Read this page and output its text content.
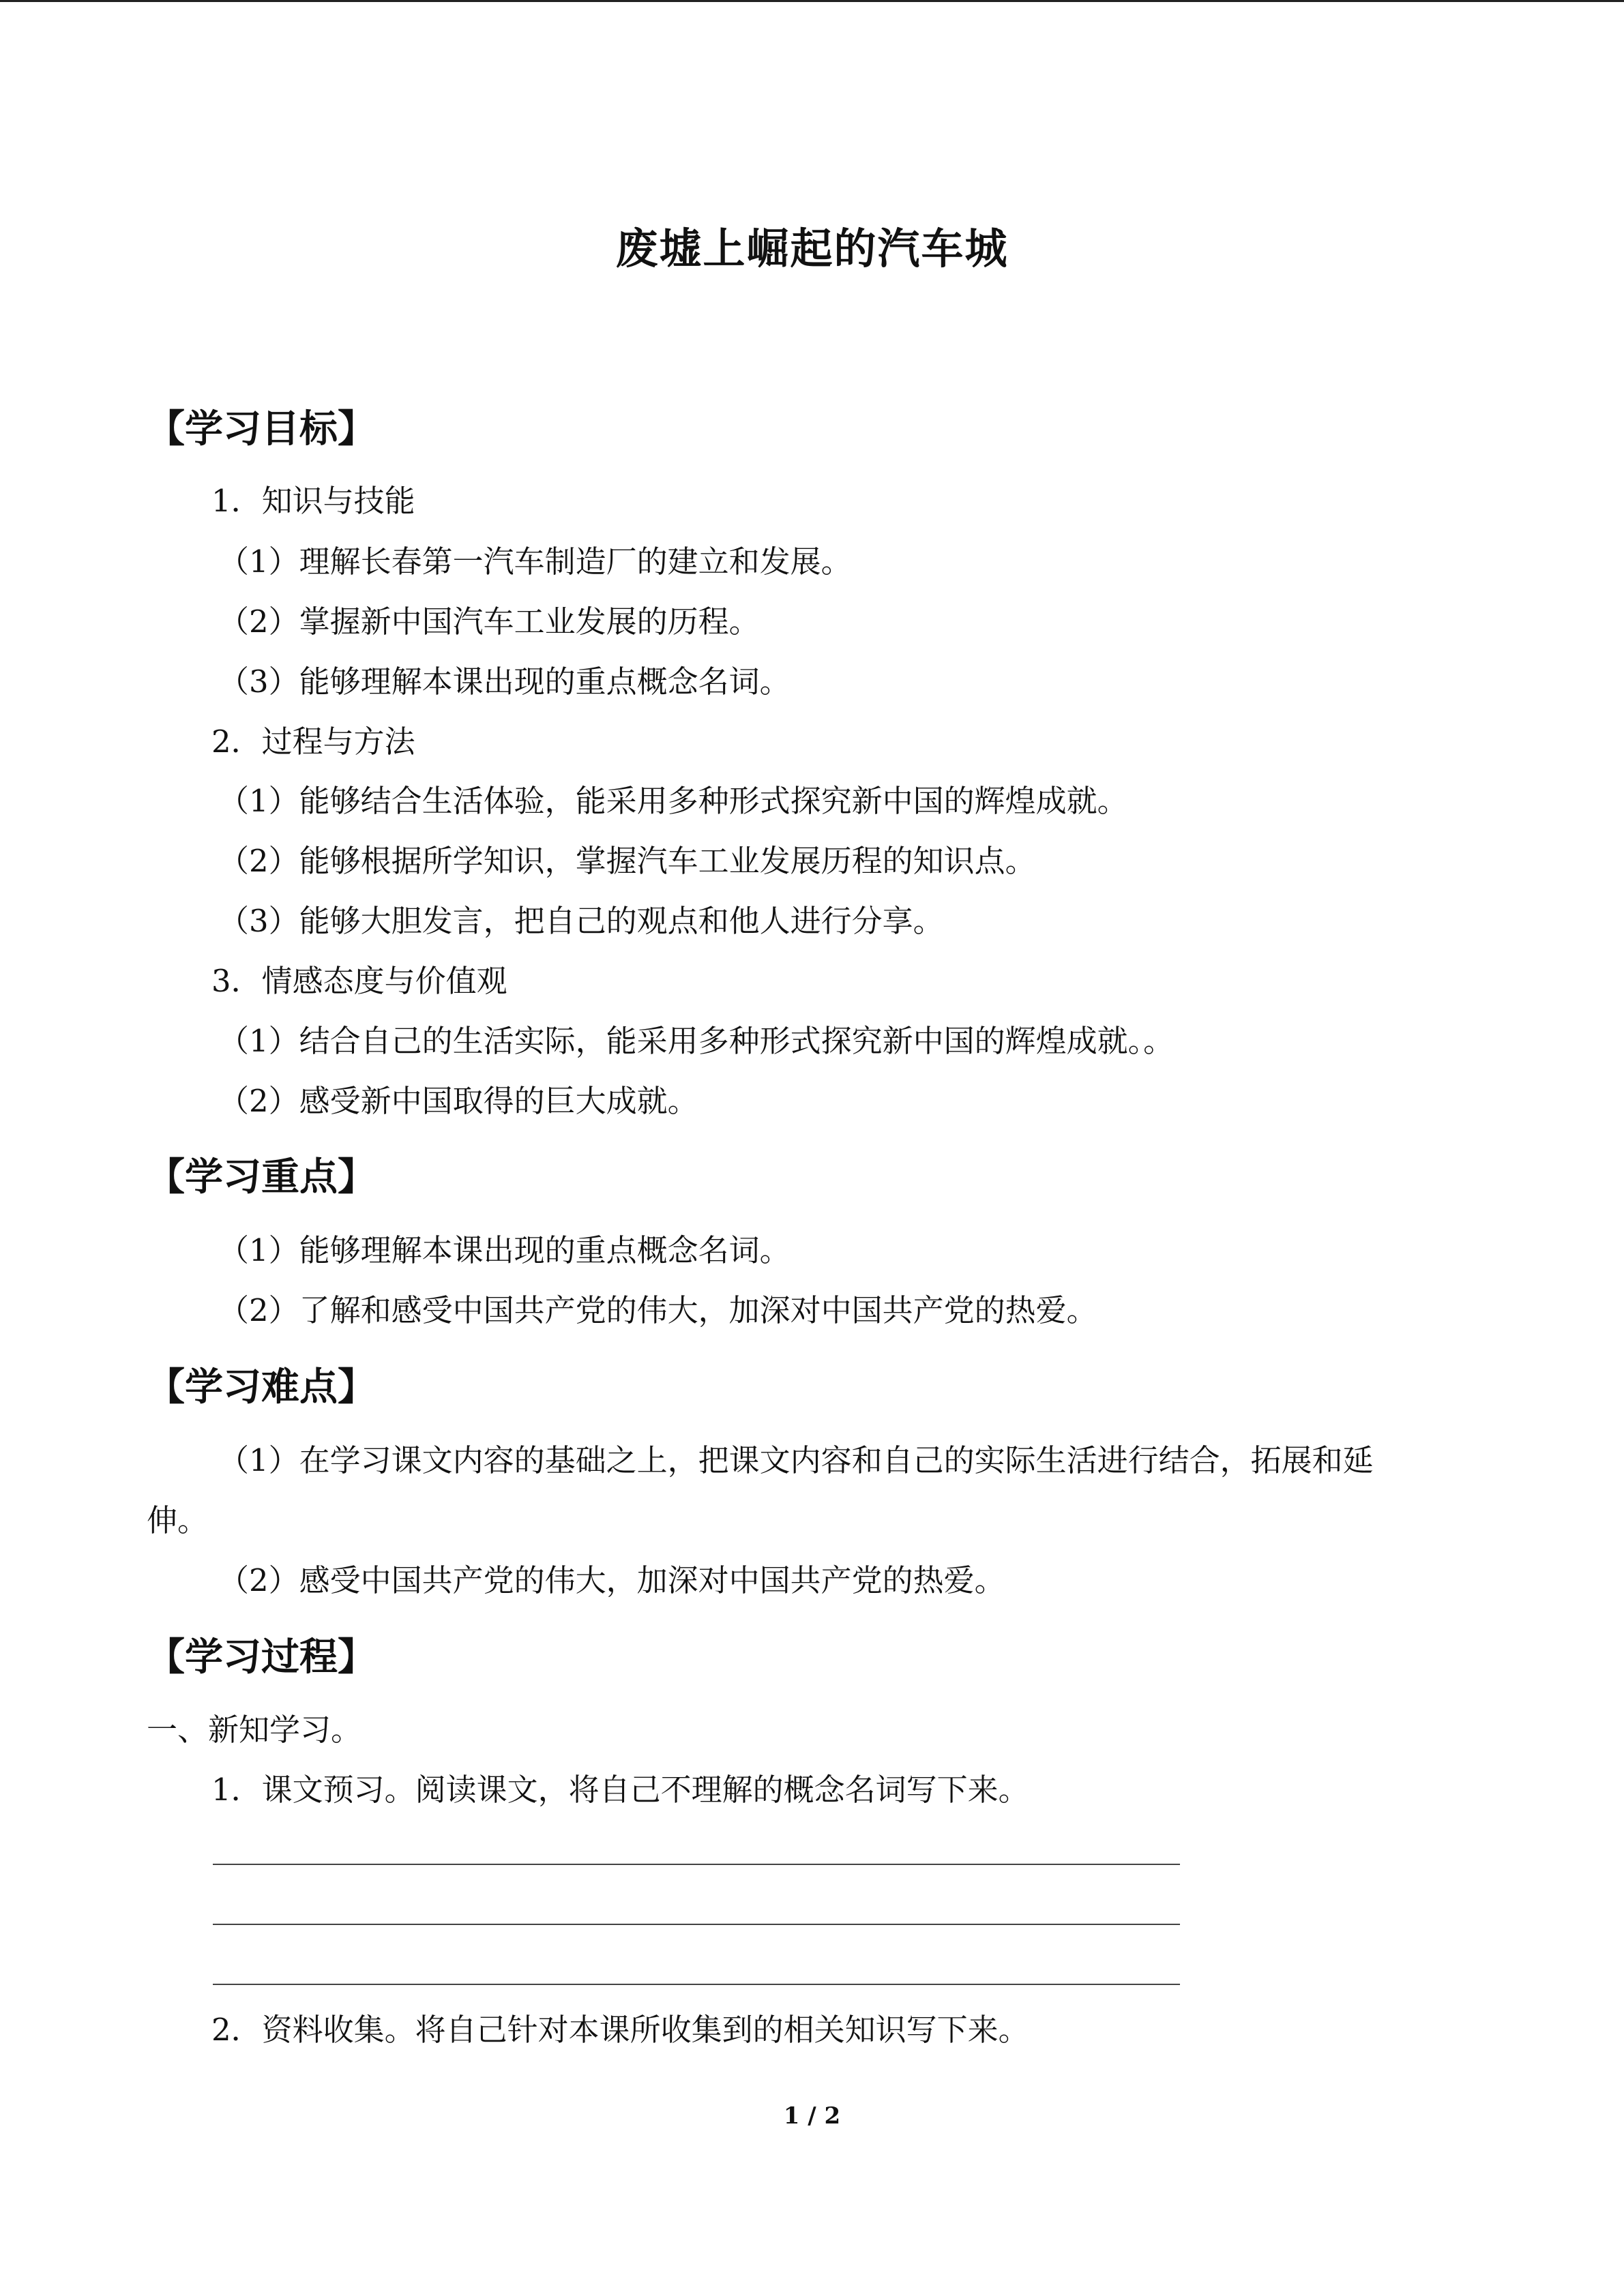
废墟上崛起的汽车城
【学习目标】
1．知识与技能
（1）理解长春第一汽车制造厂的建立和发展。
（2）掌握新中国汽车工业发展的历程。
（3）能够理解本课出现的重点概念名词。
2．过程与方法
（1）能够结合生活体验，能采用多种形式探究新中国的辉煌成就。
（2）能够根据所学知识，掌握汽车工业发展历程的知识点。
（3）能够大胆发言，把自己的观点和他人进行分享。
3．情感态度与价值观
（1）结合自己的生活实际，能采用多种形式探究新中国的辉煌成就。。
（2）感受新中国取得的巨大成就。
【学习重点】
（1）能够理解本课出现的重点概念名词。
（2）了解和感受中国共产党的伟大，加深对中国共产党的热爱。
【学习难点】
（1）在学习课文内容的基础之上，把课文内容和自己的实际生活进行结合，拓展和延
伸。
（2）感受中国共产党的伟大，加深对中国共产党的热爱。
【学习过程】
一、新知学习。
1．课文预习。阅读课文，将自己不理解的概念名词写下来。
2．资料收集。将自己针对本课所收集到的相关知识写下来。
1 / 2
